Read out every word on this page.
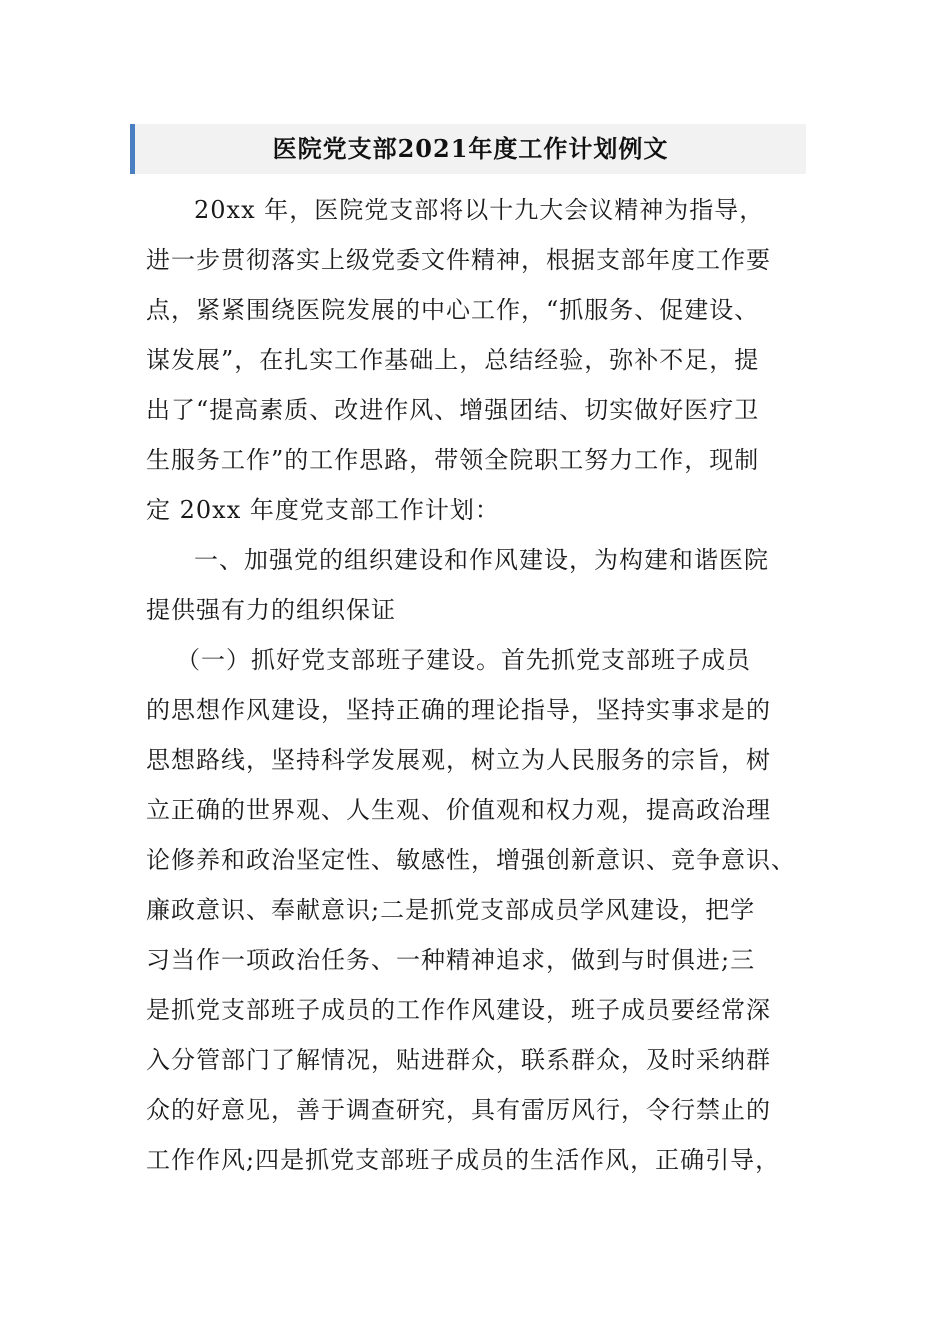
医院党支部2021年度工作计划例文
20xx 年，医院党支部将以十九大会议精神为指导，
进一步贯彻落实上级党委文件精神，根据支部年度工作要
点，紧紧围绕医院发展的中心工作，“抓服务、促建设、
谋发展”，在扎实工作基础上，总结经验，弥补不足，提
出了“提高素质、改进作风、增强团结、切实做好医疗卫
生服务工作”的工作思路，带领全院职工努力工作，现制
定 20xx 年度党支部工作计划：
一、加强党的组织建设和作风建设，为构建和谐医院
提供强有力的组织保证
（一）抓好党支部班子建设。首先抓党支部班子成员
的思想作风建设，坚持正确的理论指导，坚持实事求是的
思想路线，坚持科学发展观，树立为人民服务的宗旨，树
立正确的世界观、人生观、价值观和权力观，提高政治理
论修养和政治坚定性、敏感性，增强创新意识、竞争意识、
廉政意识、奉献意识;二是抓党支部成员学风建设，把学
习当作一项政治任务、一种精神追求，做到与时俱进;三
是抓党支部班子成员的工作作风建设，班子成员要经常深
入分管部门了解情况，贴进群众，联系群众，及时采纳群
众的好意见，善于调查研究，具有雷厉风行，令行禁止的
工作作风;四是抓党支部班子成员的生活作风，正确引导，
